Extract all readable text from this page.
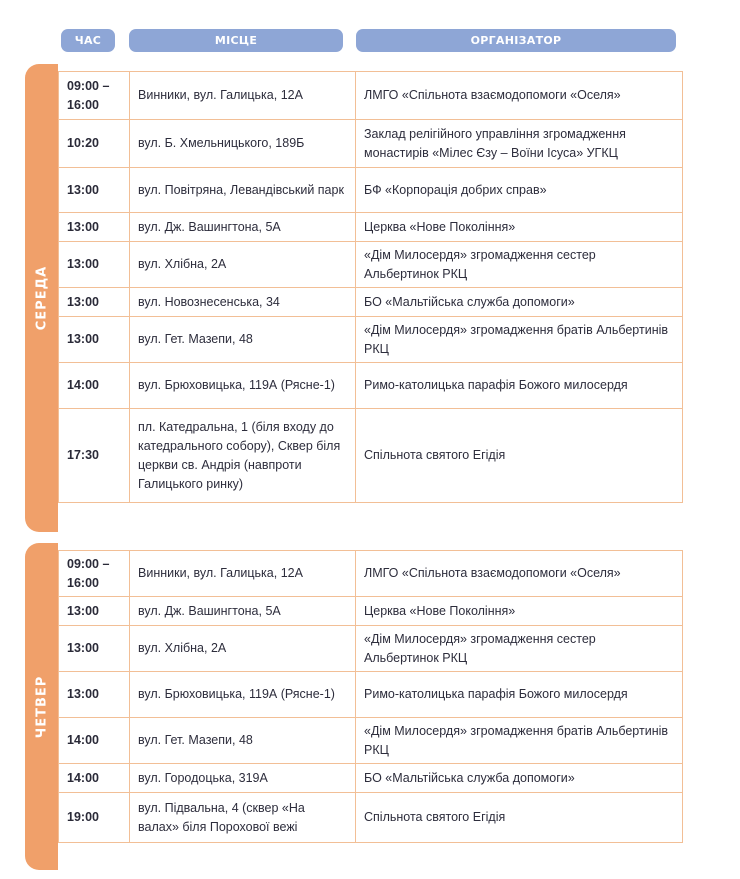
ЧАС	МІСЦЕ	ОРГАНІЗАТОР
СЕРЕДА
09:00 – 16:00	Винники, вул. Галицька, 12А	ЛМГО «Спільнота взаємодопомоги «Оселя»
10:20	вул. Б. Хмельницького, 189Б	Заклад релігійного управління згромадження монастирів «Мілес Єзу – Воїни Ісуса» УГКЦ
13:00	вул. Повітряна, Левандівський парк	БФ «Корпорація добрих справ»
13:00	вул. Дж. Вашингтона, 5А	Церква «Нове Покоління»
13:00	вул. Хлібна, 2А	«Дім Милосердя» згромадження сестер Альбертинок РКЦ
13:00	вул. Новознесенська, 34	БО «Мальтійська служба допомоги»
13:00	вул. Гет. Мазепи, 48	«Дім Милосердя» згромадження братів Альбертинів РКЦ
14:00	вул. Брюховицька, 119А (Рясне-1)	Римо-католицька парафія Божого милосердя
17:30	пл. Катедральна, 1 (біля входу до катедрального собору), Сквер біля церкви св. Андрія (навпроти Галицького ринку)	Спільнота святого Егідія
ЧЕТВЕР
09:00 – 16:00	Винники, вул. Галицька, 12А	ЛМГО «Спільнота взаємодопомоги «Оселя»
13:00	вул. Дж. Вашингтона, 5А	Церква «Нове Покоління»
13:00	вул. Хлібна, 2А	«Дім Милосердя» згромадження сестер Альбертинок РКЦ
13:00	вул. Брюховицька, 119А (Рясне-1)	Римо-католицька парафія Божого милосердя
14:00	вул. Гет. Мазепи, 48	«Дім Милосердя» згромадження братів Альбертинів РКЦ
14:00	вул. Городоцька, 319А	БО «Мальтійська служба допомоги»
19:00	вул. Підвальна, 4 (сквер «На валах» біля Порохової вежі	Спільнота святого Егідія
